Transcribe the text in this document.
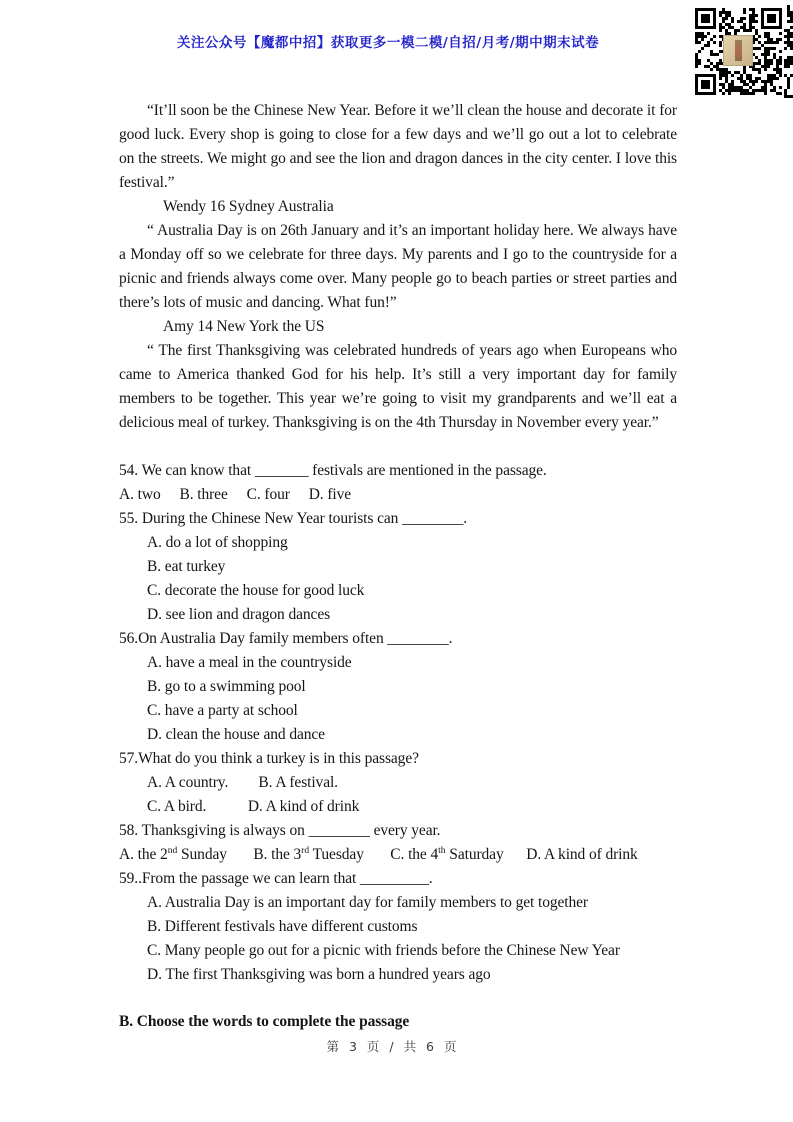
关注公众号【魔都中招】获取更多一模二模/自招/月考/期中期末试卷
“It’ll soon be the Chinese New Year. Before it we’ll clean the house and decorate it for good luck. Every shop is going to close for a few days and we’ll go out a lot to celebrate on the streets. We might go and see the lion and dragon dances in the city center. I love this festival.”
Wendy 16 Sydney Australia
“ Australia Day is on 26th January and it’s an important holiday here. We always have a Monday off so we celebrate for three days. My parents and I go to the countryside for a picnic and friends always come over. Many people go to beach parties or street parties and there’s lots of music and dancing. What fun!”
Amy 14 New York the US
“ The first Thanksgiving was celebrated hundreds of years ago when Europeans who came to America thanked God for his help. It’s still a very important day for family members to be together. This year we’re going to visit my grandparents and we’ll eat a delicious meal of turkey. Thanksgiving is on the 4th Thursday in November every year.”
54. We can know that _______ festivals are mentioned in the passage.
A. two     B. three     C. four     D. five
55. During the Chinese New Year tourists can ________.
A. do a lot of shopping
B. eat turkey
C. decorate the house for good luck
D. see lion and dragon dances
56.On Australia Day family members often ________.
A. have a meal in the countryside
B. go to a swimming pool
C. have a party at school
D. clean the house and dance
57.What do you think a turkey is in this passage?
A. A country.        B. A festival.
C. A bird.           D. A kind of drink
58. Thanksgiving is always on ________ every year.
A. the 2nd Sunday       B. the 3rd Tuesday       C. the 4th Saturday      D. A kind of drink
59..From the passage we can learn that _________.
A. Australia Day is an important day for family members to get together
B. Different festivals have different customs
C. Many people go out for a picnic with friends before the Chinese New Year
D. The first Thanksgiving was born a hundred years ago
B. Choose the words to complete the passage
第 3 页 / 共 6 页
